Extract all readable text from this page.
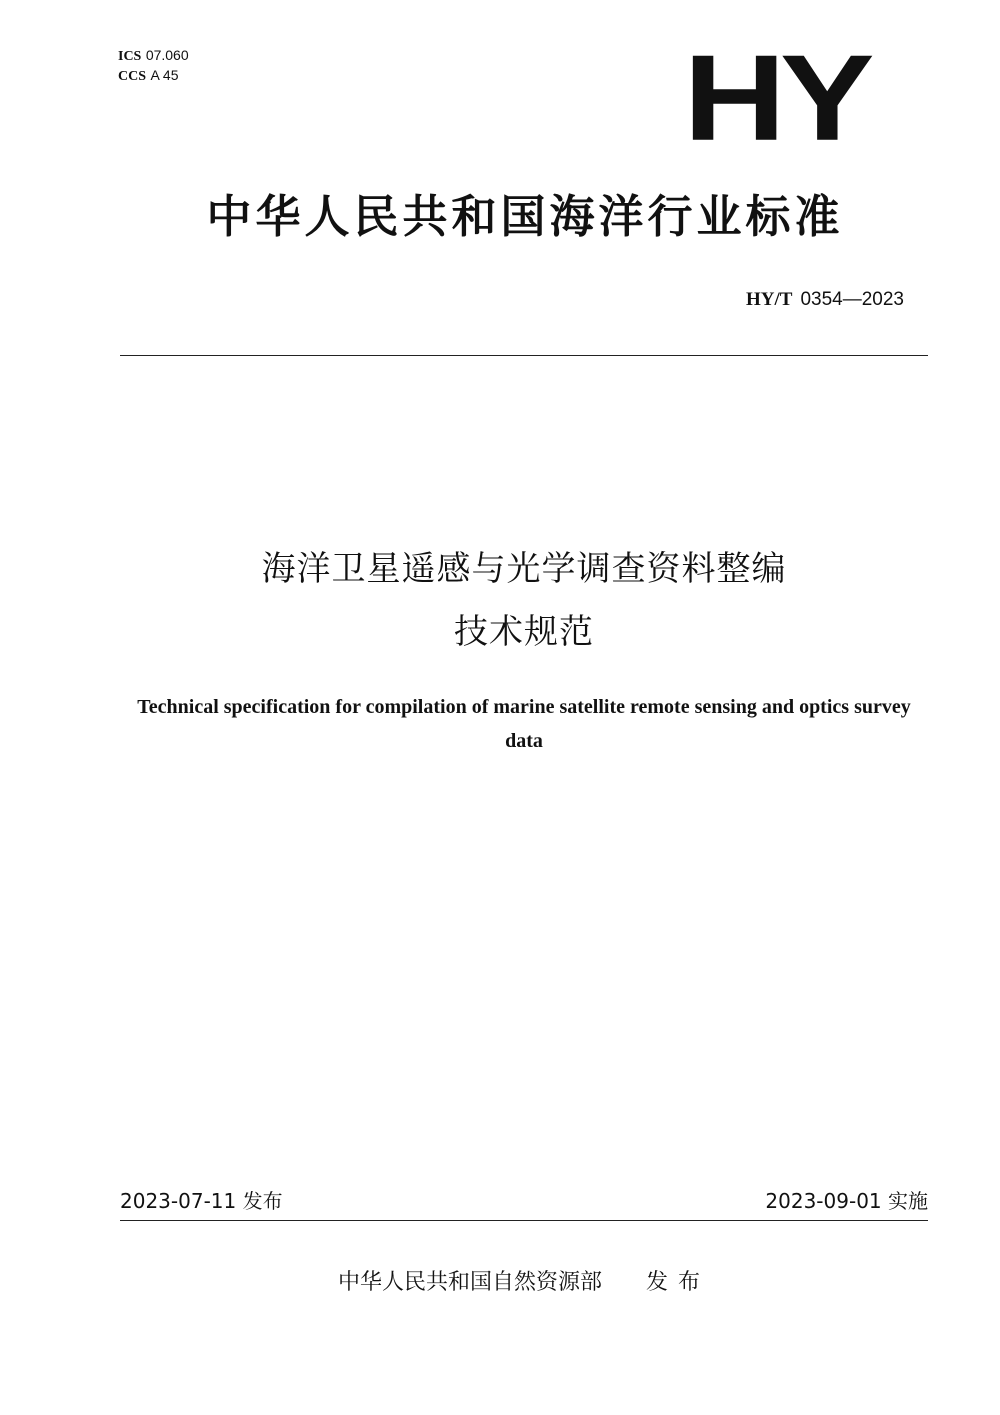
ICS 07.060
CCS A 45	HY
中华人民共和国海洋行业标准
HY/T 0354—2023
海洋卫星遥感与光学调查资料整编
技术规范
Technical specification for compilation of marine satellite remote sensing and optics survey data
2023-07-11 发布	2023-09-01 实施
中华人民共和国自然资源部 发布
